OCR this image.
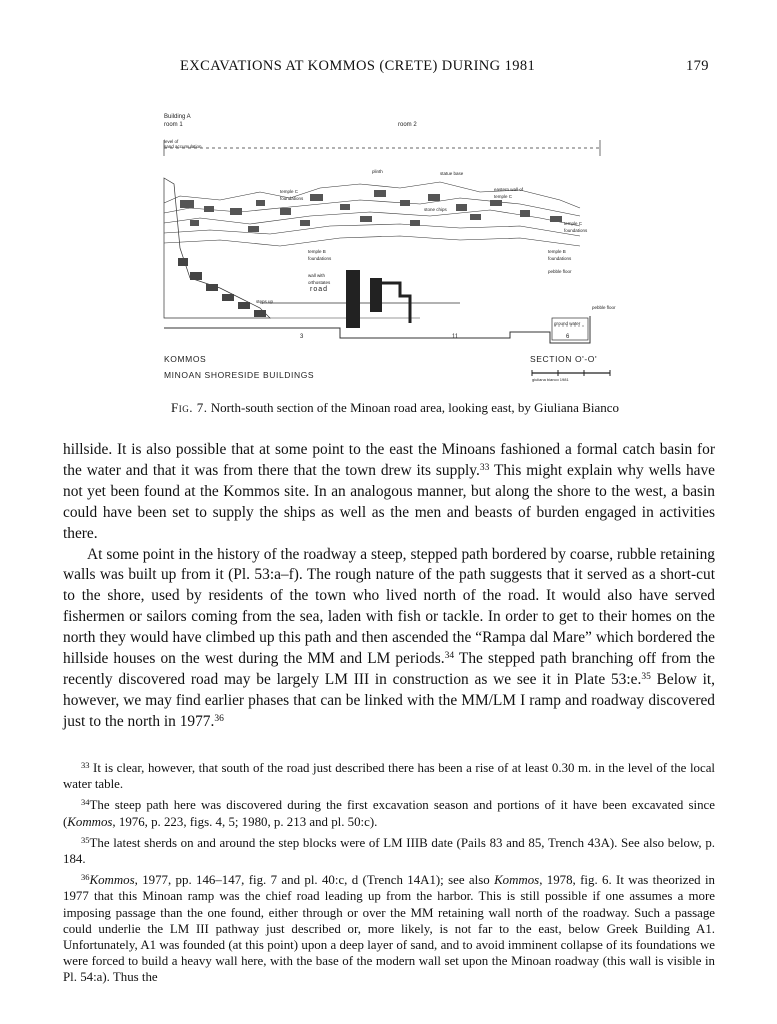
EXCAVATIONS AT KOMMOS (CRETE) DURING 1981	179
Building A
room 1	room 2
level of
sand accumulation
plinth	statue base
stone chips
temple C foundations
eastern wall of temple C
temple C foundations
temple B foundations
temple B foundations
pebble floor
wall with orthostates
road
steps up
ground water
pebble floor
3	11	6
KOMMOS
MINOAN SHORESIDE BUILDINGS
SECTION O'-O'
giuliana bianco 1981
Fig. 7. North-south section of the Minoan road area, looking east, by Giuliana Bianco

hillside. It is also possible that at some point to the east the Minoans fashioned a formal catch basin for the water and that it was from there that the town drew its supply.$^{33}$ This might explain why wells have not yet been found at the Kommos site. In an analogous manner, but along the shore to the west, a basin could have been set to supply the ships as well as the men and beasts of burden engaged in activities there.

At some point in the history of the roadway a steep, stepped path bordered by coarse, rubble retaining walls was built up from it (Pl. 53:a–f). The rough nature of the path suggests that it served as a short-cut to the shore, used by residents of the town who lived north of the road. It would also have served fishermen or sailors coming from the sea, laden with fish or tackle. In order to get to their homes on the north they would have climbed up this path and then ascended the “Rampa dal Mare” which bordered the hillside houses on the west during the MM and LM periods.$^{34}$ The stepped path branching off from the recently discovered road may be largely LM III in construction as we see it in Plate 53:e.$^{35}$ Below it, however, we may find earlier phases that can be linked with the MM/LM I ramp and roadway discovered just to the north in 1977.36

$^{33}$ It is clear, however, that south of the road just described there has been a rise of at least 0.30 m. in the level of the local water table.

$^{34}$The steep path here was discovered during the first excavation season and portions of it have been excavated since (Kommos, 1976, p. 223, figs. 4, 5; 1980, p. 213 and pl. 50:c).

$^{35}$The latest sherds on and around the step blocks were of LM IIIB date (Pails 83 and 85, Trench 43A). See also below, p. 184.

$^{36}$Kommos, 1977, pp. 146–147, fig. 7 and pl. 40:c, d (Trench 14A1); see also Kommos, 1978, fig. 6. It was theorized in 1977 that this Minoan ramp was the chief road leading up from the harbor. This is still possible if one assumes a more imposing passage than the one found, either through or over the MM retaining wall north of the roadway. Such a passage could underlie the LM III pathway just described or, more likely, is not far to the east, below Greek Building A1. Unfortunately, A1 was founded (at this point) upon a deep layer of sand, and to avoid imminent collapse of its foundations we were forced to build a heavy wall here, with the base of the modern wall set upon the Minoan roadway (this wall is visible in Pl. 54:a). Thus the
